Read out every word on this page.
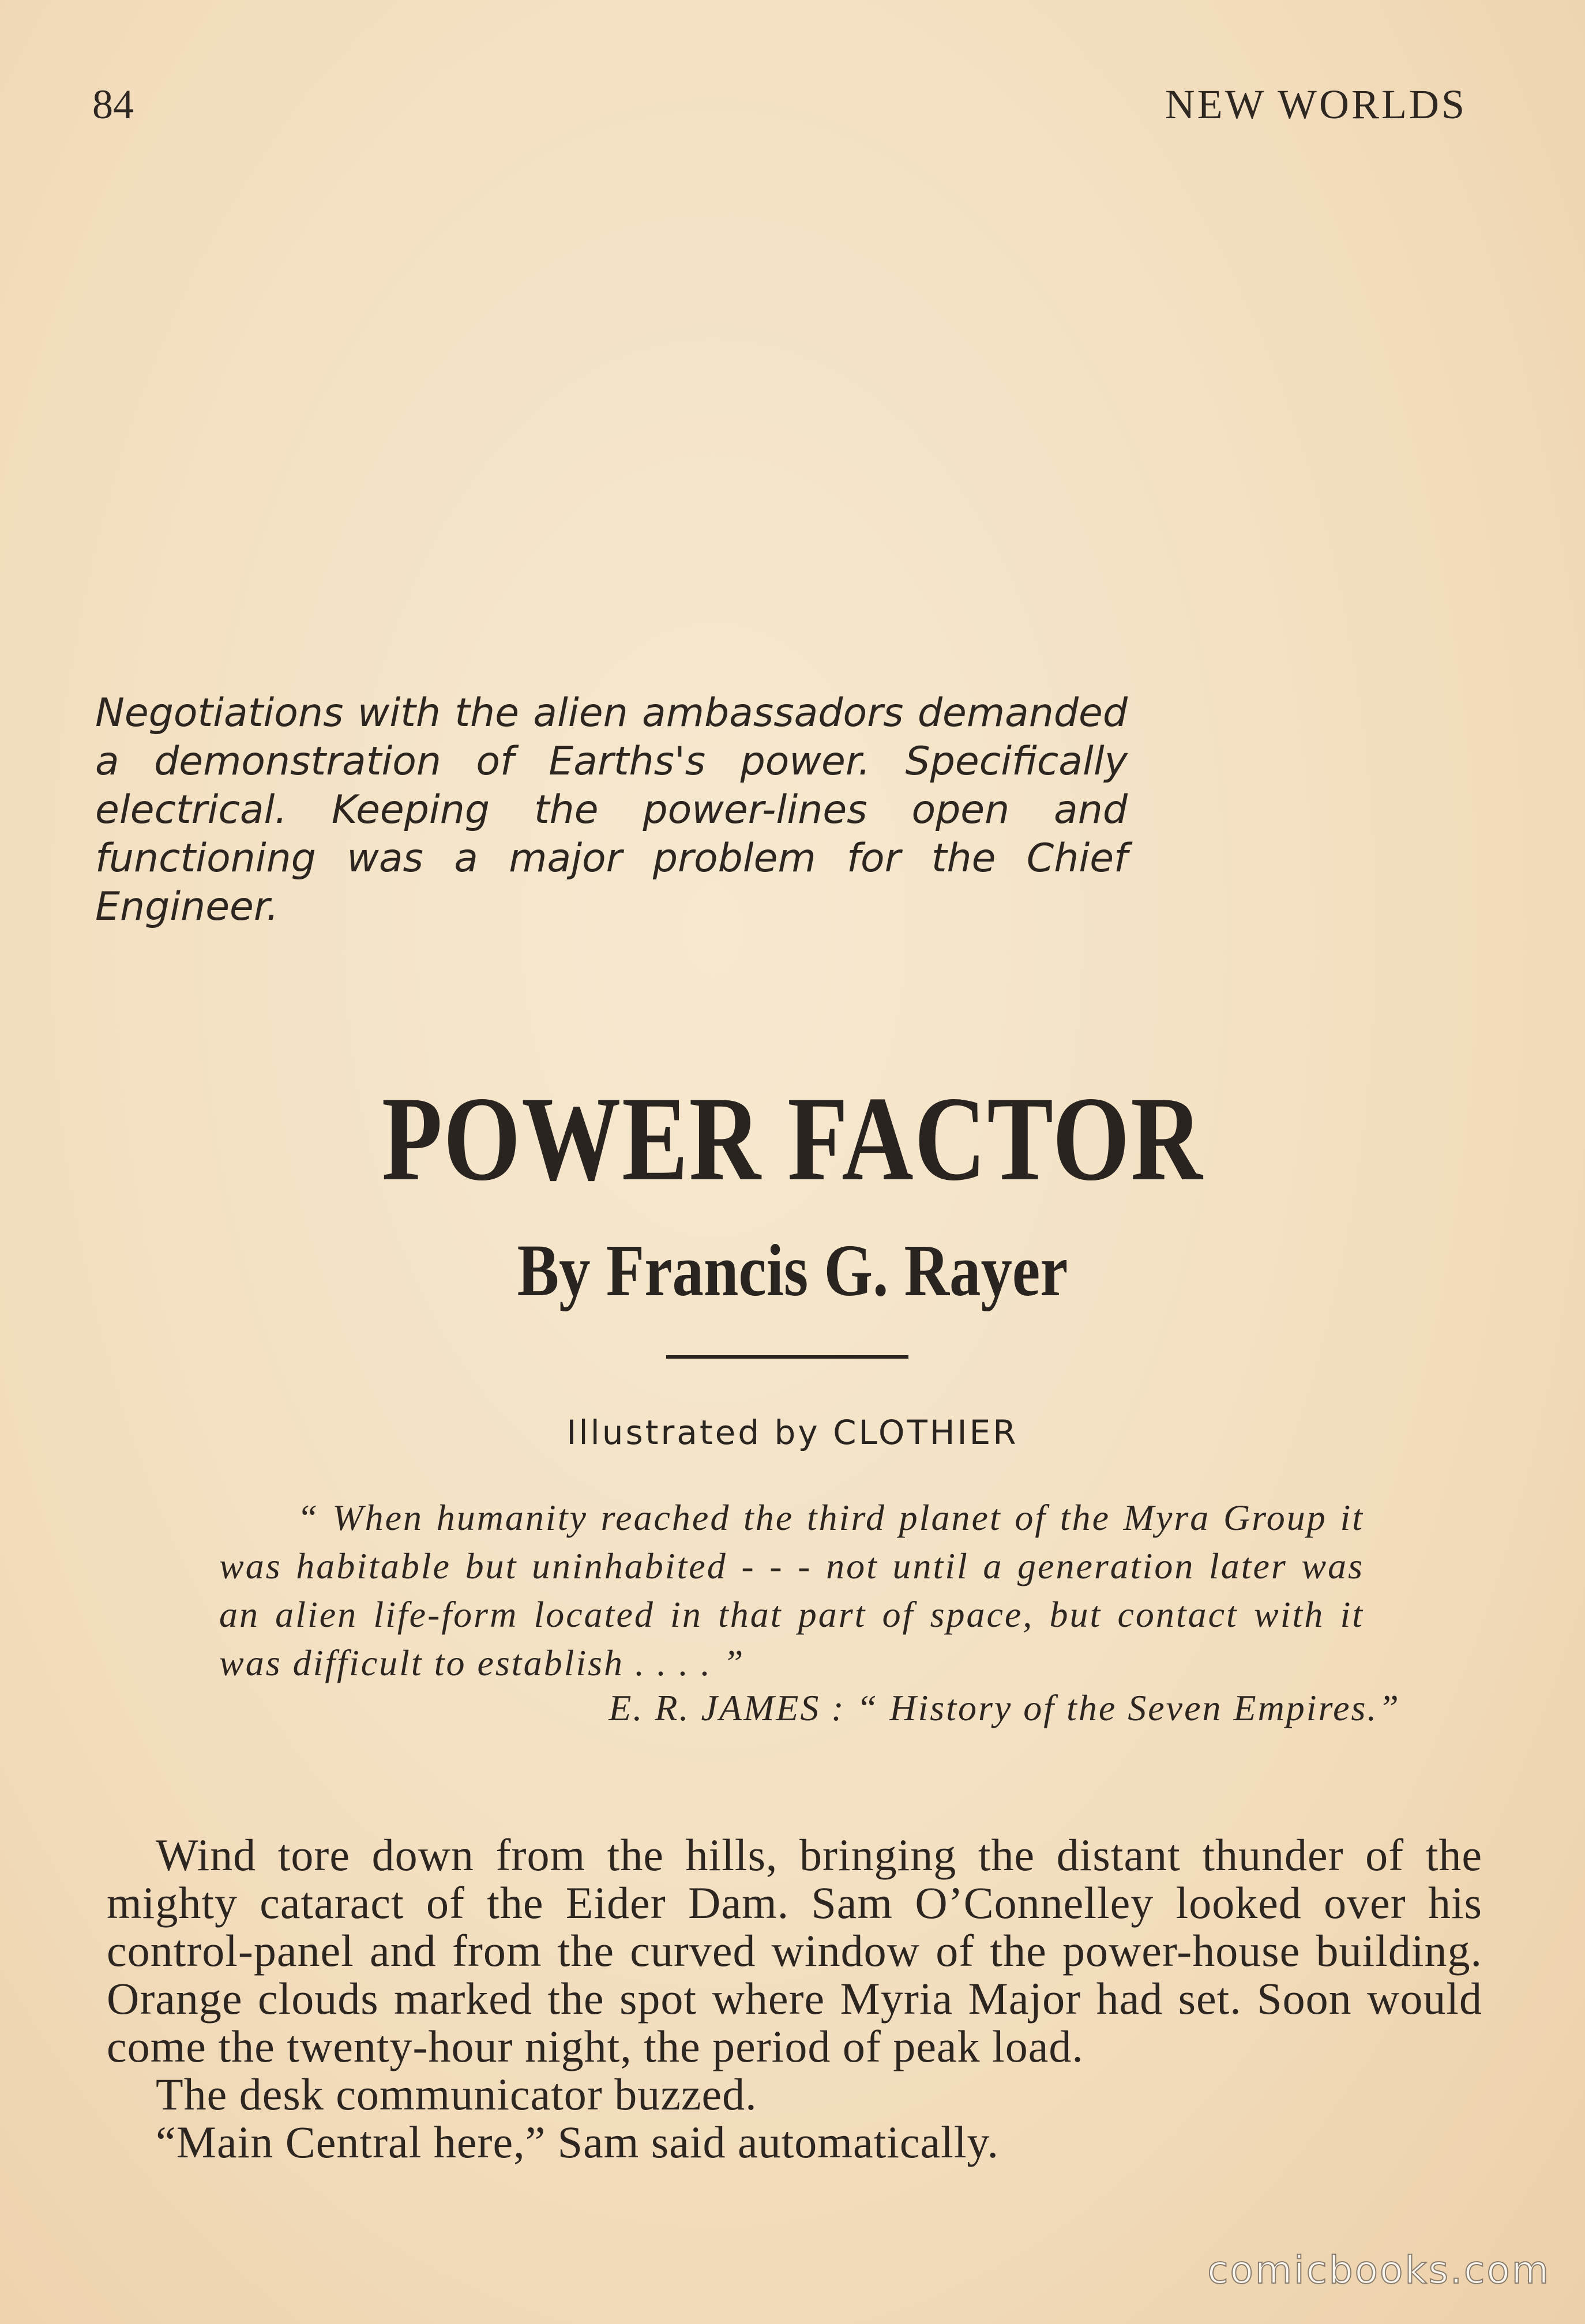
84	NEW WORLDS
Negotiations with the alien ambassadors demanded a demonstration of Earths's power. Specifically electrical. Keeping the power-lines open and functioning was a major problem for the Chief Engineer.
POWER FACTOR
By Francis G. Rayer
Illustrated by CLOTHIER
“ When humanity reached the third planet of the Myra Group it was habitable but uninhabited - - - not until a generation later was an alien life-form located in that part of space, but contact with it was difficult to establish . . . . ”
E. R. JAMES : “ History of the Seven Empires.”

Wind tore down from the hills, bringing the distant thunder of the mighty cataract of the Eider Dam. Sam O’Connelley looked over his control-panel and from the curved window of the power-house building. Orange clouds marked the spot where Myria Major had set. Soon would come the twenty-hour night, the period of peak load.

The desk communicator buzzed.

“Main Central here,” Sam said automatically.

comicbooks.com
